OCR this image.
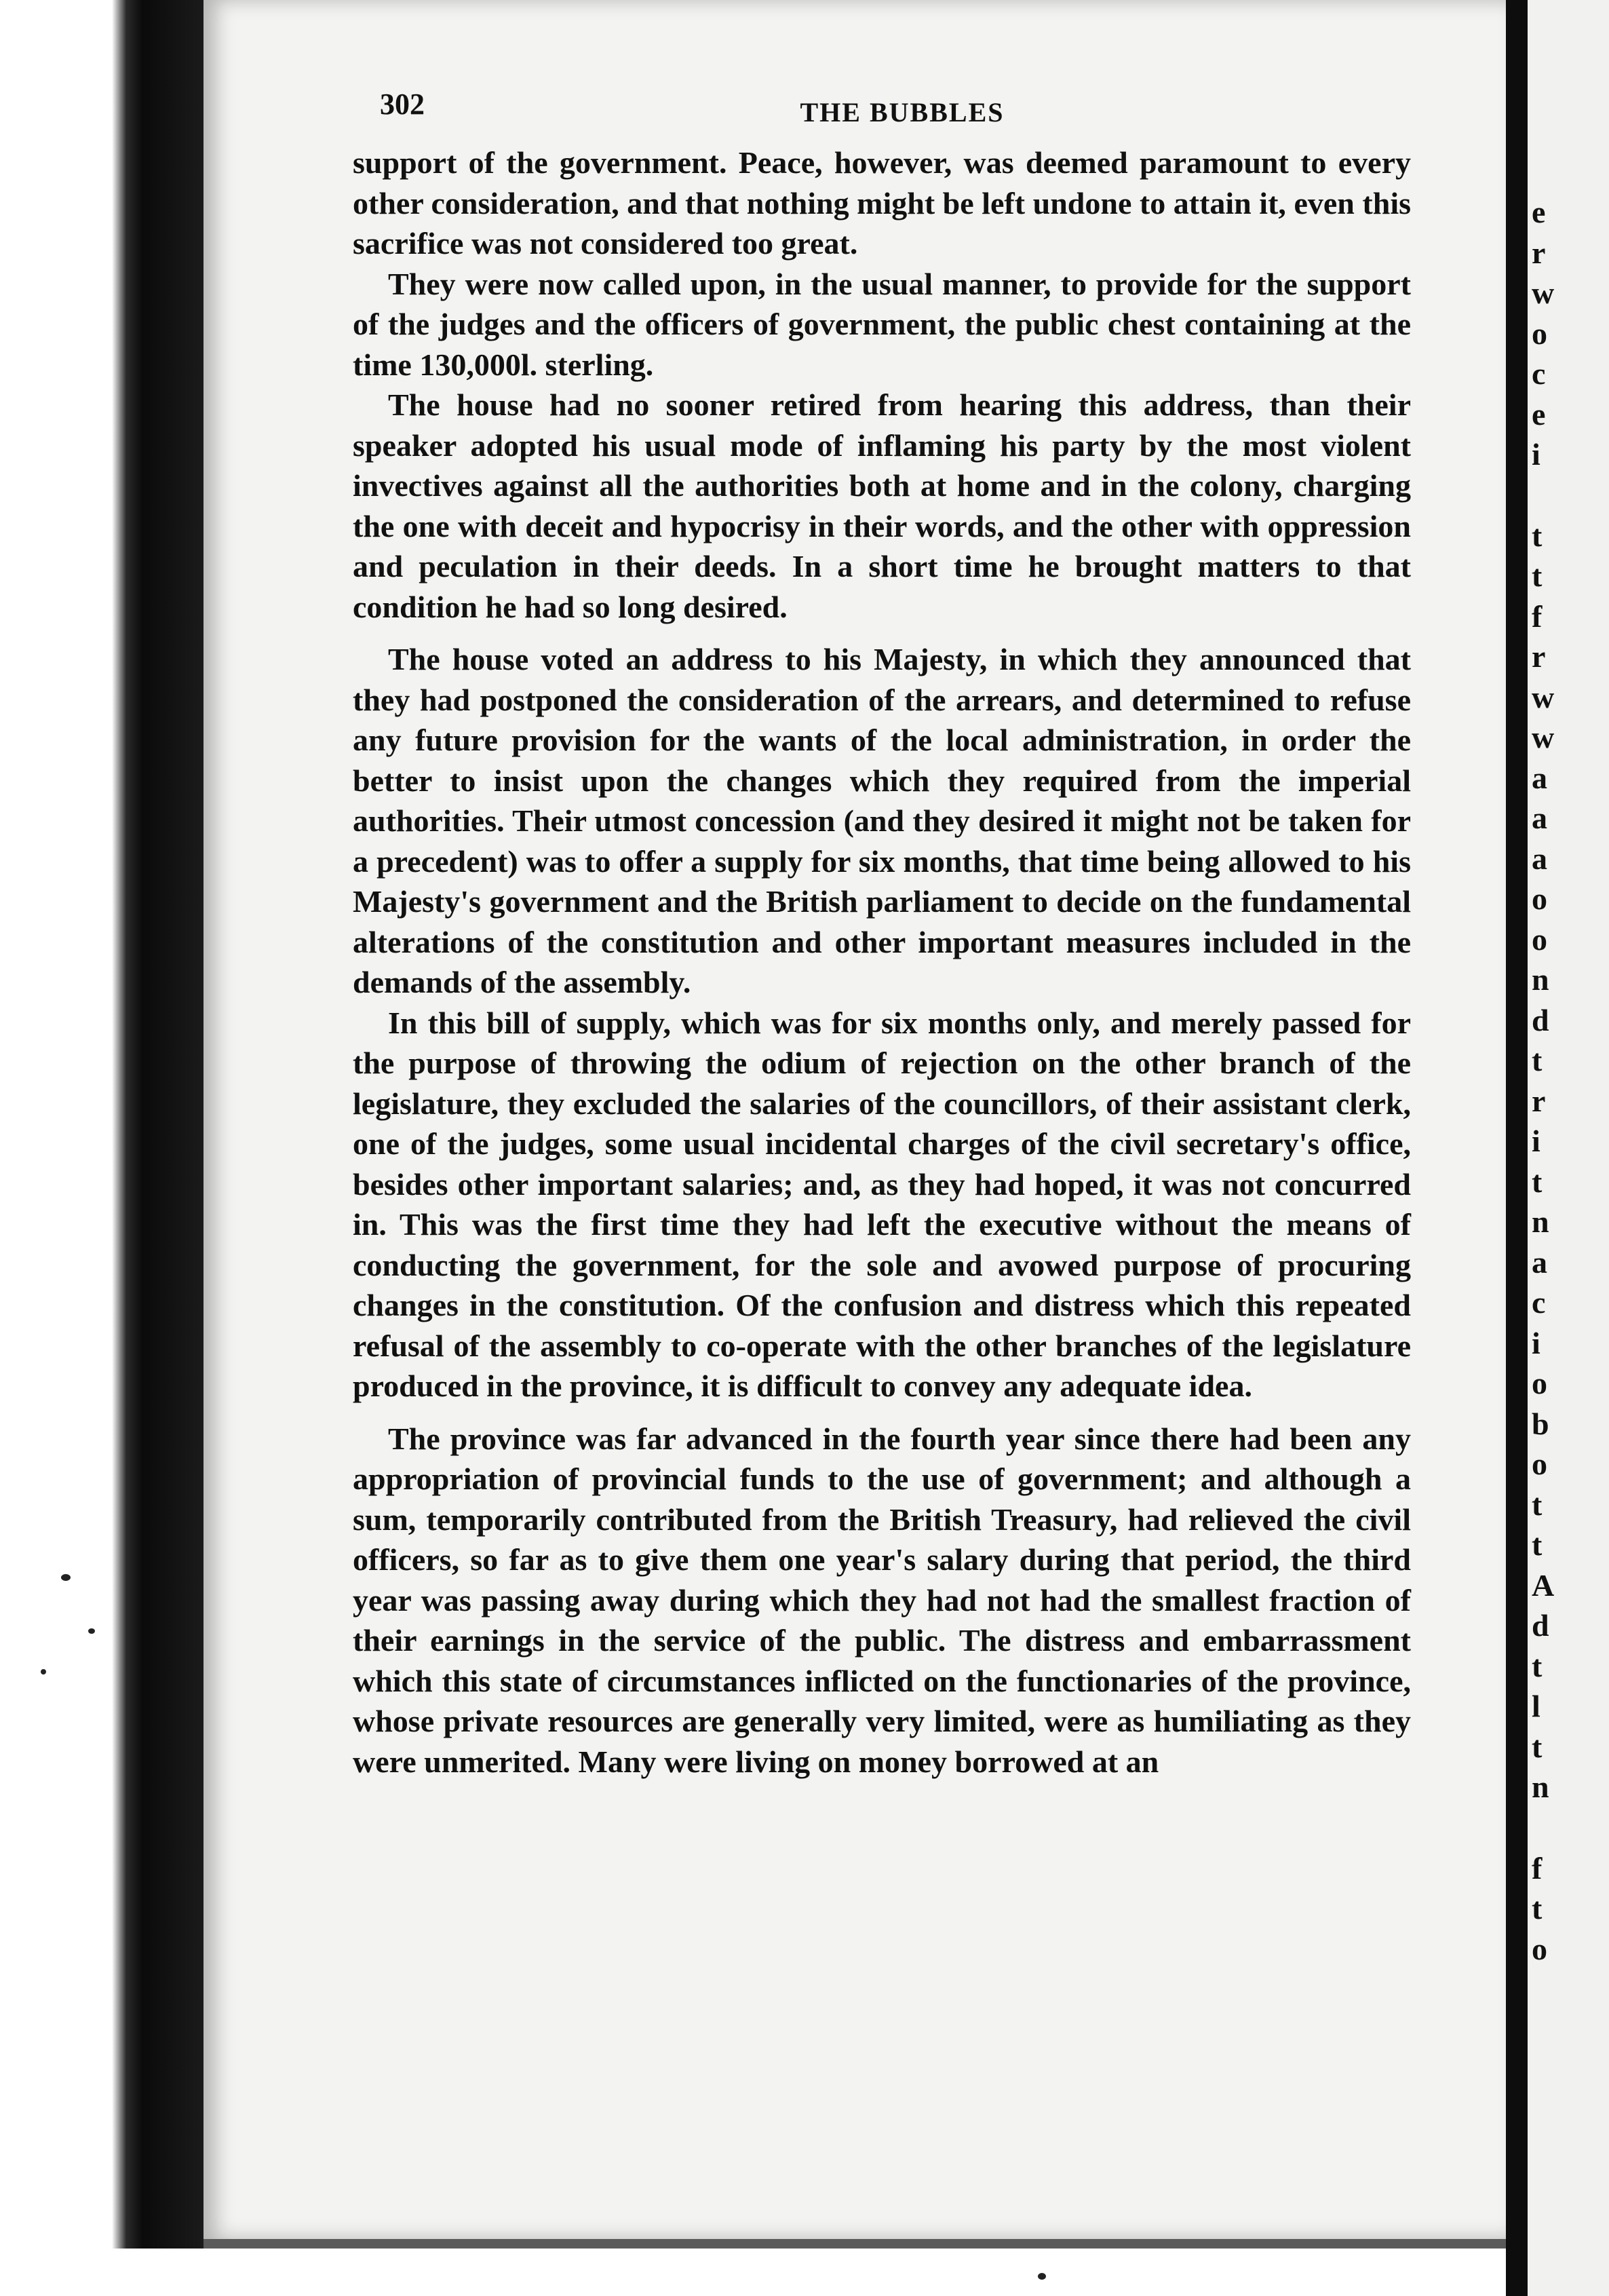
302	THE BUBBLES

support of the government. Peace, however, was deemed paramount to every other consideration, and that nothing might be left undone to attain it, even this sacrifice was not considered too great.

They were now called upon, in the usual manner, to provide for the support of the judges and the officers of government, the public chest containing at the time 130,000l. sterling.

The house had no sooner retired from hearing this address, than their speaker adopted his usual mode of inflaming his party by the most violent invectives against all the authorities both at home and in the colony, charging the one with deceit and hypocrisy in their words, and the other with oppression and peculation in their deeds. In a short time he brought matters to that condition he had so long desired.

The house voted an address to his Majesty, in which they announced that they had postponed the consideration of the arrears, and determined to refuse any future provision for the wants of the local administration, in order the better to insist upon the changes which they required from the imperial authorities. Their utmost concession (and they desired it might not be taken for a precedent) was to offer a supply for six months, that time being allowed to his Majesty's government and the British parliament to decide on the fundamental alterations of the constitution and other important measures included in the demands of the assembly.

In this bill of supply, which was for six months only, and merely passed for the purpose of throwing the odium of rejection on the other branch of the legislature, they excluded the salaries of the councillors, of their assistant clerk, one of the judges, some usual incidental charges of the civil secretary's office, besides other important salaries; and, as they had hoped, it was not concurred in. This was the first time they had left the executive without the means of conducting the government, for the sole and avowed purpose of procuring changes in the constitution. Of the confusion and distress which this repeated refusal of the assembly to co-operate with the other branches of the legislature produced in the province, it is difficult to convey any adequate idea.

The province was far advanced in the fourth year since there had been any appropriation of provincial funds to the use of government; and although a sum, temporarily contributed from the British Treasury, had relieved the civil officers, so far as to give them one year's salary during that period, the third year was passing away during which they had not had the smallest fraction of their earnings in the service of the public. The distress and embarrassment which this state of circumstances inflicted on the functionaries of the province, whose private resources are generally very limited, were as humiliating as they were unmerited. Many were living on money borrowed at an

e
r
w
o
c
e
i
t
t
f
r
w
w
a
a
a
o
o
n
d
t
r
i
t
n
a
c
i
o
b
o
t
t
A
d
t
l
t
n
f
t
o
